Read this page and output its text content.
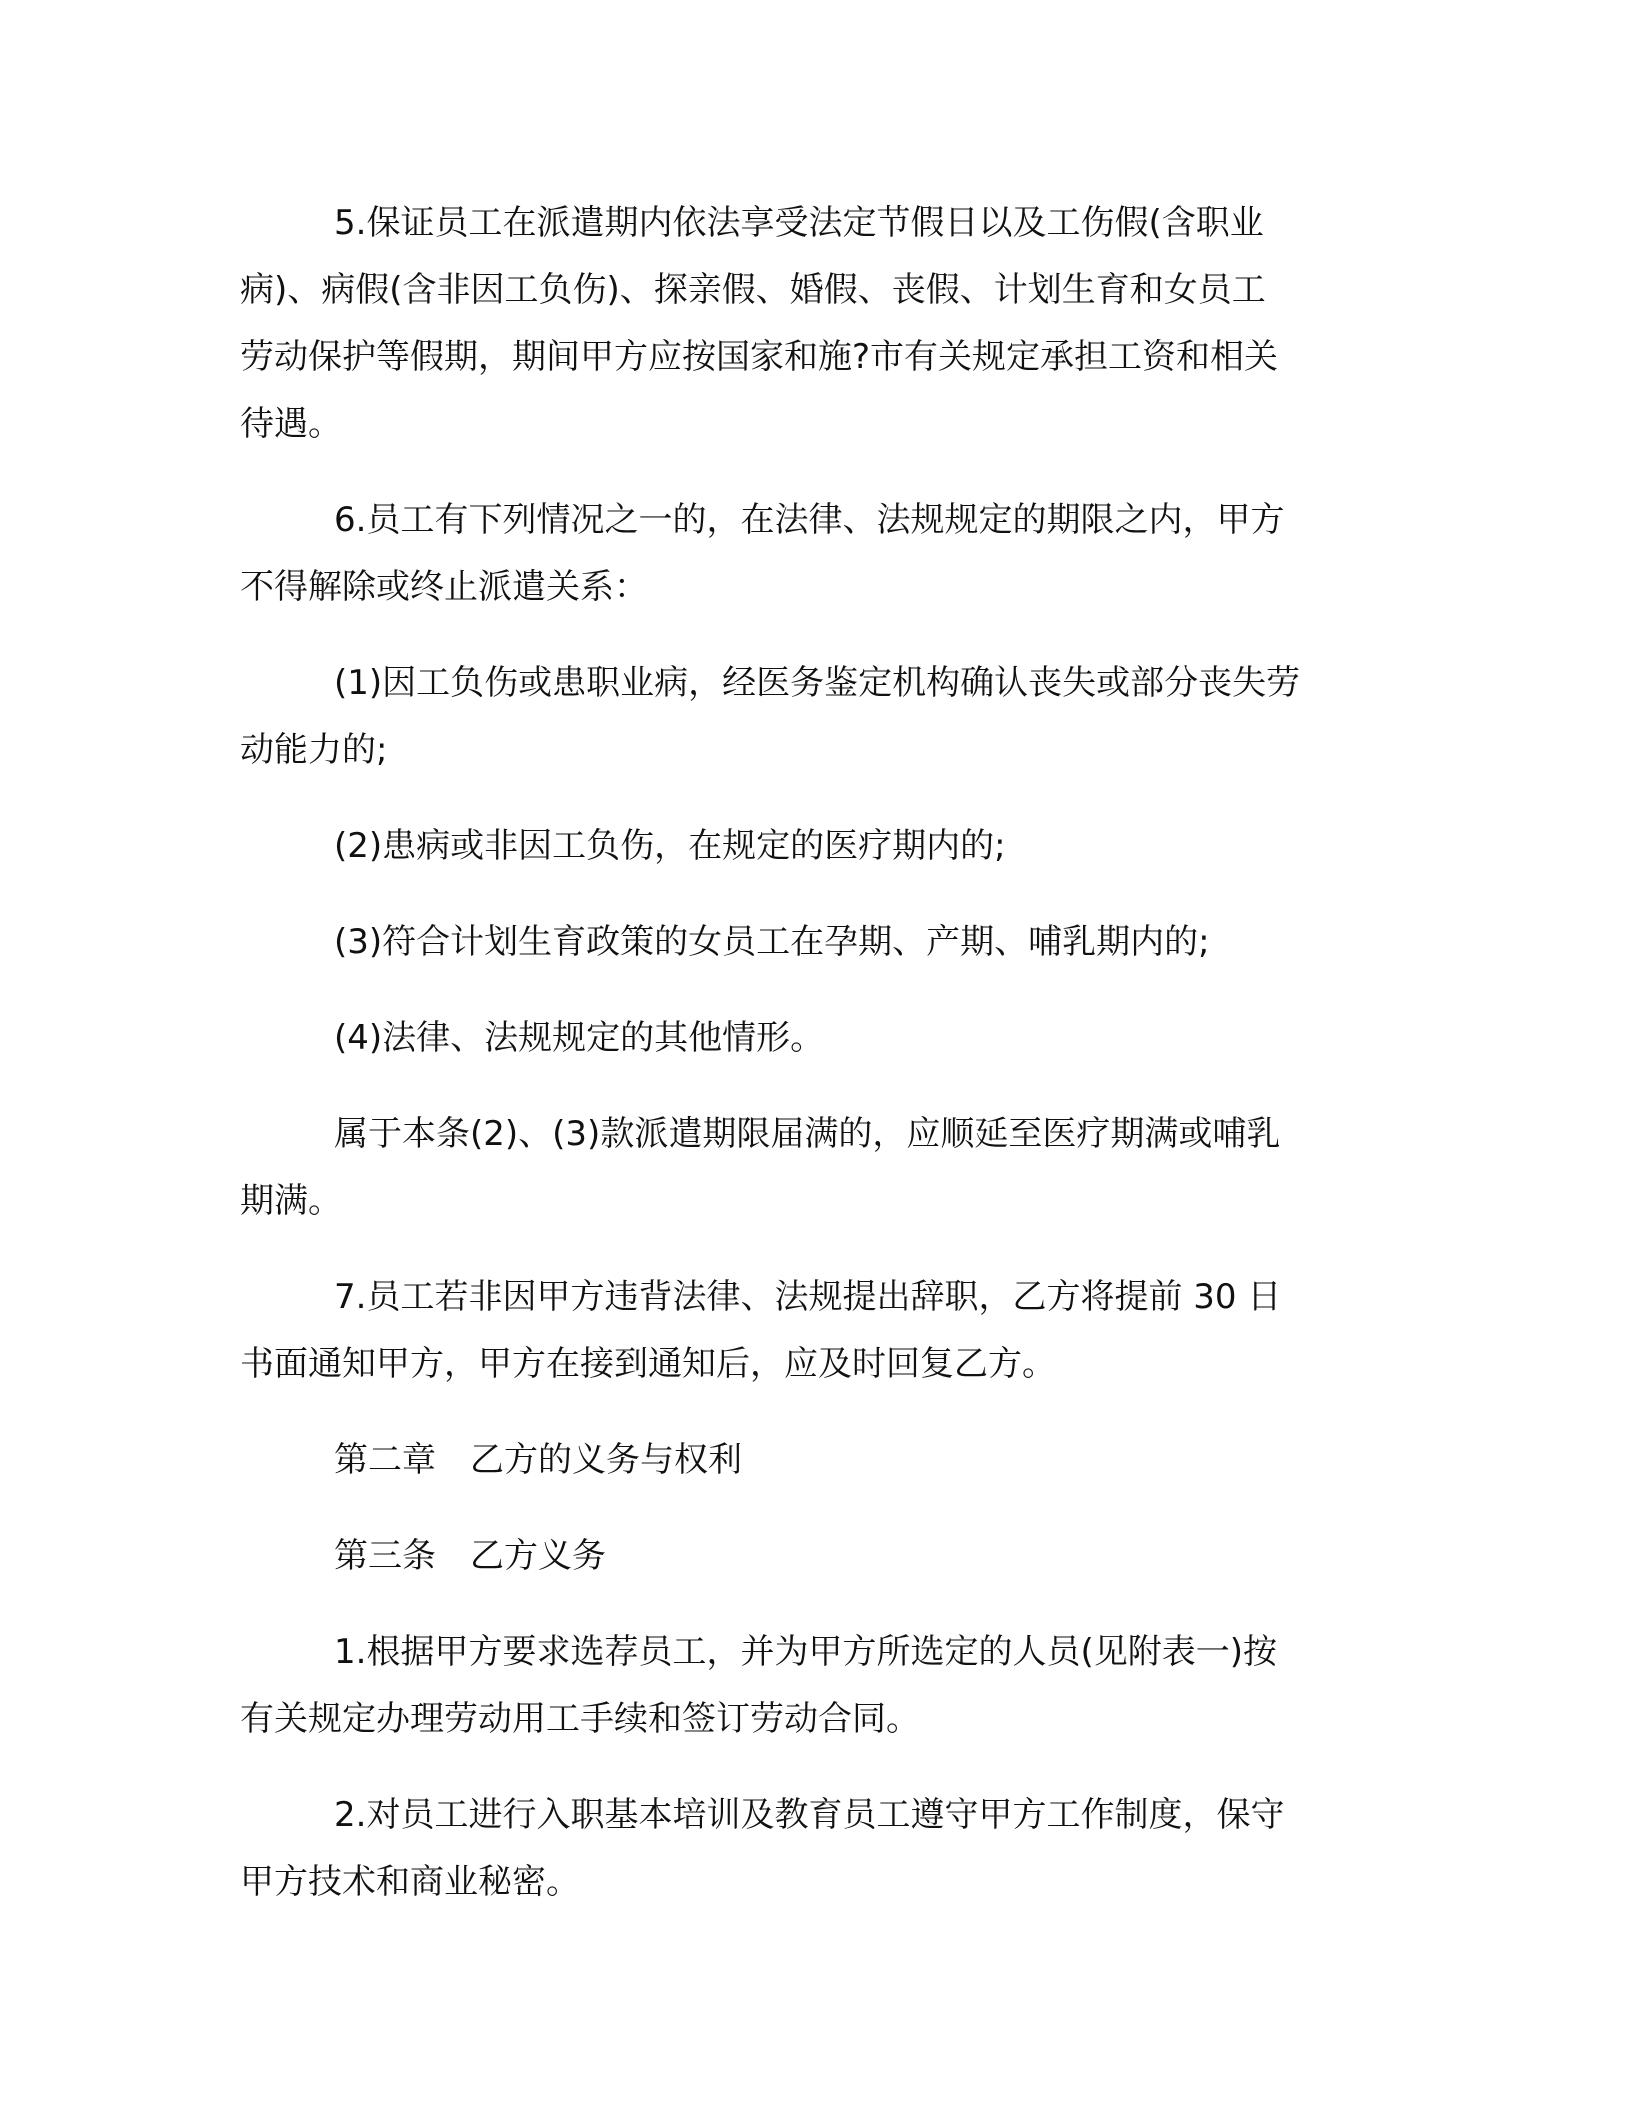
5.保证员工在派遣期内依法享受法定节假日以及工伤假(含职业
病)、病假(含非因工负伤)、探亲假、婚假、丧假、计划生育和女员工
劳动保护等假期，期间甲方应按国家和施?市有关规定承担工资和相关
待遇。

6.员工有下列情况之一的，在法律、法规规定的期限之内，甲方
不得解除或终止派遣关系：

(1)因工负伤或患职业病，经医务鉴定机构确认丧失或部分丧失劳
动能力的;

(2)患病或非因工负伤，在规定的医疗期内的;

(3)符合计划生育政策的女员工在孕期、产期、哺乳期内的;

(4)法律、法规规定的其他情形。

属于本条(2)、(3)款派遣期限届满的，应顺延至医疗期满或哺乳
期满。

7.员工若非因甲方违背法律、法规提出辞职，乙方将提前 30 日
书面通知甲方，甲方在接到通知后，应及时回复乙方。

第二章　乙方的义务与权利

第三条　乙方义务

1.根据甲方要求选荐员工，并为甲方所选定的人员(见附表一)按
有关规定办理劳动用工手续和签订劳动合同。

2.对员工进行入职基本培训及教育员工遵守甲方工作制度，保守
甲方技术和商业秘密。
